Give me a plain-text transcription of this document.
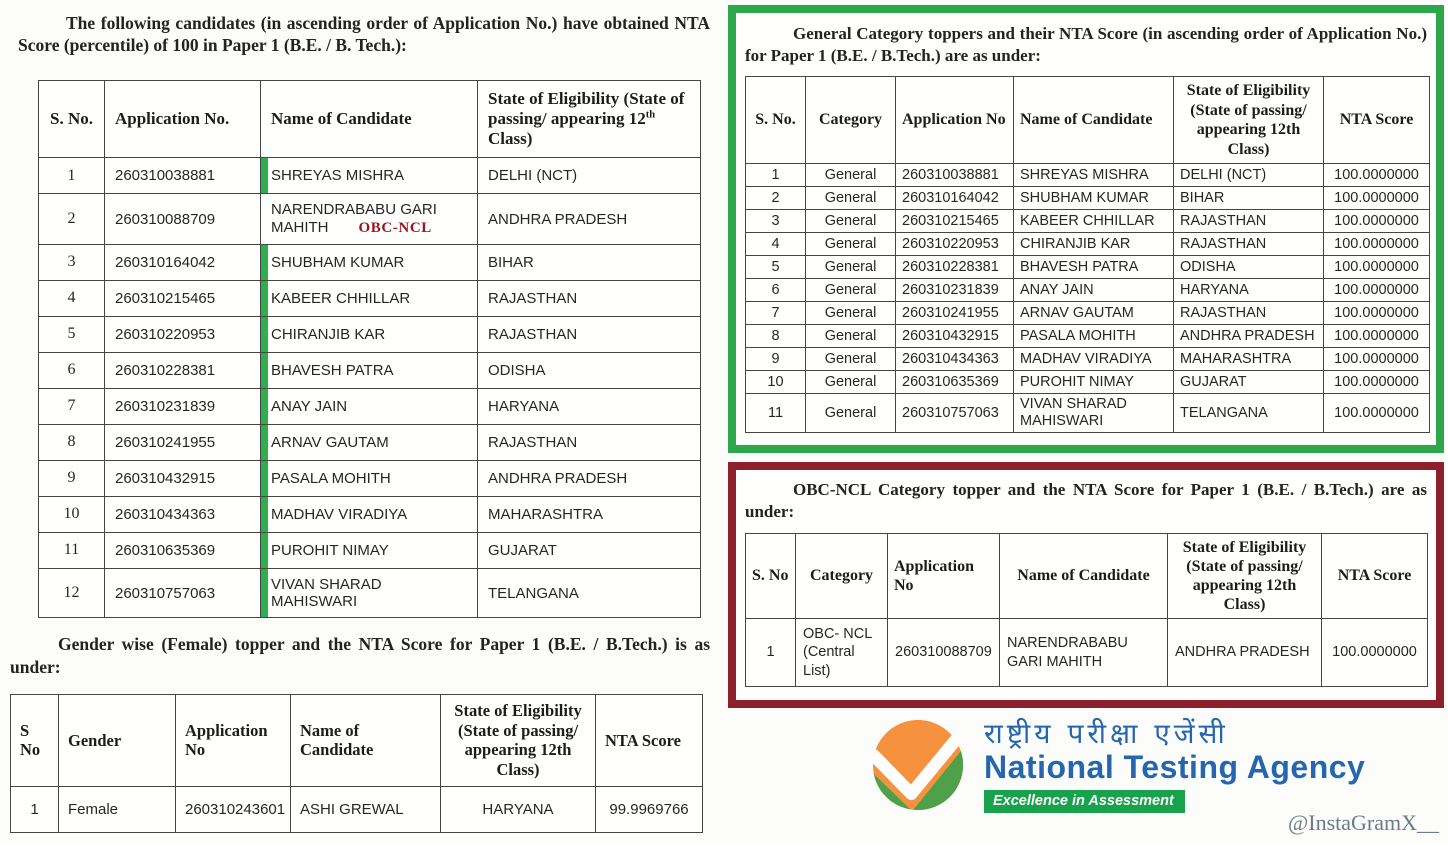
The following candidates (in ascending order of Application No.) have obtained NTA Score (percentile) of 100 in Paper 1 (B.E. / B. Tech.):

S. No.	Application No.	Name of Candidate	State of Eligibility (State of passing/ appearing 12th Class)
1	260310038881	SHREYAS MISHRA	DELHI (NCT)
2	260310088709	NARENDRABABU GARI MAHITH OBC-NCL	ANDHRA PRADESH
3	260310164042	SHUBHAM KUMAR	BIHAR
4	260310215465	KABEER CHHILLAR	RAJASTHAN
5	260310220953	CHIRANJIB KAR	RAJASTHAN
6	260310228381	BHAVESH PATRA	ODISHA
7	260310231839	ANAY JAIN	HARYANA
8	260310241955	ARNAV GAUTAM	RAJASTHAN
9	260310432915	PASALA MOHITH	ANDHRA PRADESH
10	260310434363	MADHAV VIRADIYA	MAHARASHTRA
11	260310635369	PUROHIT NIMAY	GUJARAT
12	260310757063	VIVAN SHARAD MAHISWARI	TELANGANA

Gender wise (Female) topper and the NTA Score for Paper 1 (B.E. / B.Tech.) is as under:

S No	Gender	Application No	Name of Candidate	State of Eligibility (State of passing/ appearing 12th Class)	NTA Score
1	Female	260310243601	ASHI GREWAL	HARYANA	99.9969766

General Category toppers and their NTA Score (in ascending order of Application No.) for Paper 1 (B.E. / B.Tech.) are as under:

S. No.	Category	Application No	Name of Candidate	State of Eligibility (State of passing/ appearing 12th Class)	NTA Score
1	General	260310038881	SHREYAS MISHRA	DELHI (NCT)	100.0000000
2	General	260310164042	SHUBHAM KUMAR	BIHAR	100.0000000
3	General	260310215465	KABEER CHHILLAR	RAJASTHAN	100.0000000
4	General	260310220953	CHIRANJIB KAR	RAJASTHAN	100.0000000
5	General	260310228381	BHAVESH PATRA	ODISHA	100.0000000
6	General	260310231839	ANAY JAIN	HARYANA	100.0000000
7	General	260310241955	ARNAV GAUTAM	RAJASTHAN	100.0000000
8	General	260310432915	PASALA MOHITH	ANDHRA PRADESH	100.0000000
9	General	260310434363	MADHAV VIRADIYA	MAHARASHTRA	100.0000000
10	General	260310635369	PUROHIT NIMAY	GUJARAT	100.0000000
11	General	260310757063	VIVAN SHARAD MAHISWARI	TELANGANA	100.0000000

OBC-NCL Category topper and the NTA Score for Paper 1 (B.E. / B.Tech.) are as under:

S. No	Category	Application No	Name of Candidate	State of Eligibility (State of passing/ appearing 12th Class)	NTA Score
1	OBC- NCL (Central List)	260310088709	NARENDRABABU GARI MAHITH	ANDHRA PRADESH	100.0000000
राष्ट्रीय परीक्षा एजेंसी
National Testing Agency
Excellence in Assessment
@InstaGramX__
